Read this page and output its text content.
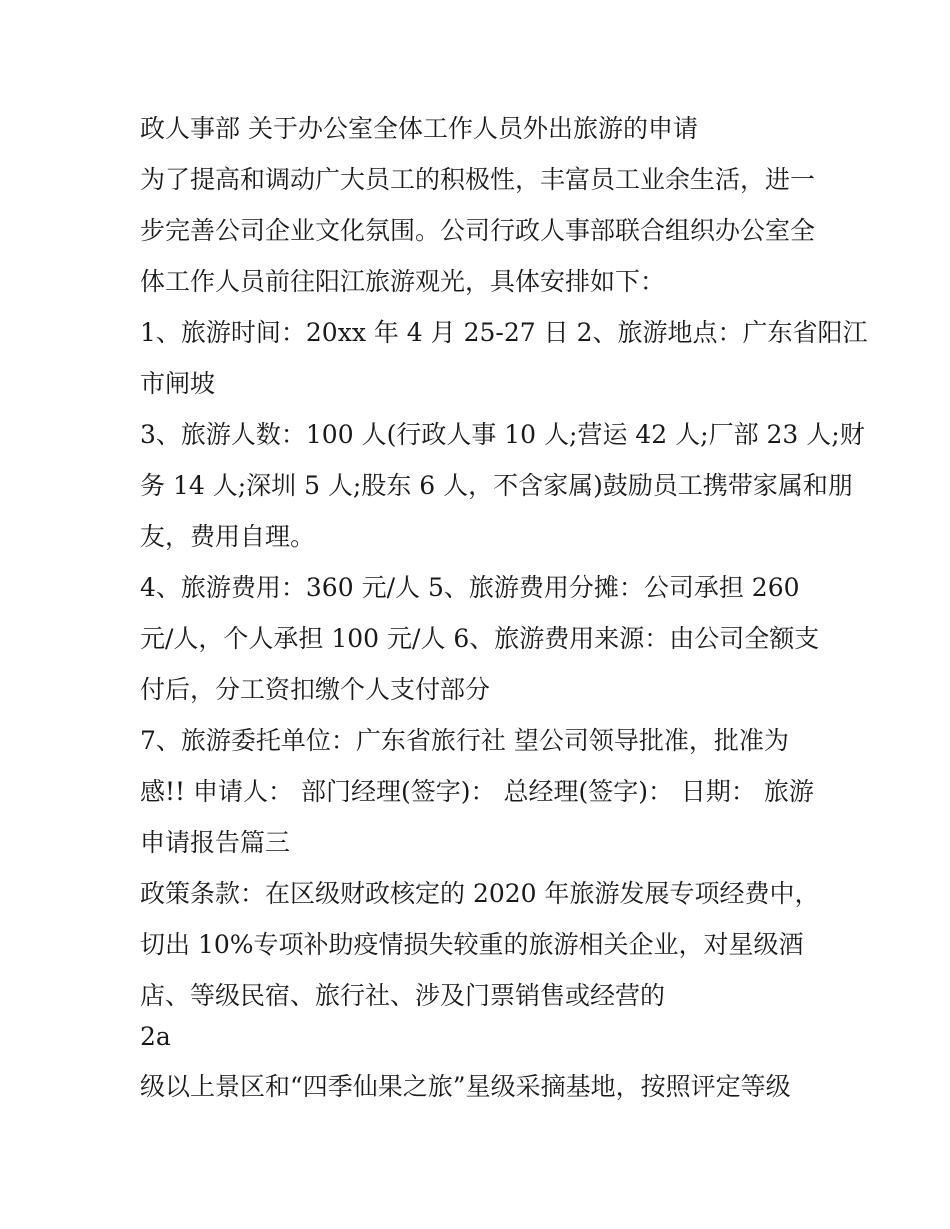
政人事部 关于办公室全体工作人员外出旅游的申请
为了提高和调动广大员工的积极性，丰富员工业余生活，进一
步完善公司企业文化氛围。公司行政人事部联合组织办公室全
体工作人员前往阳江旅游观光，具体安排如下：
1、旅游时间：20xx 年 4 月 25-27 日 2、旅游地点：广东省阳江
市闸坡
3、旅游人数：100 人(行政人事 10 人;营运 42 人;厂部 23 人;财
务 14 人;深圳 5 人;股东 6 人，不含家属)鼓励员工携带家属和朋
友，费用自理。
4、旅游费用：360 元/人 5、旅游费用分摊：公司承担 260
元/人，个人承担 100 元/人 6、旅游费用来源：由公司全额支
付后，分工资扣缴个人支付部分
7、旅游委托单位：广东省旅行社 望公司领导批准，批准为
感!! 申请人： 部门经理(签字)： 总经理(签字)： 日期： 旅游
申请报告篇三
政策条款：在区级财政核定的 2020 年旅游发展专项经费中，
切出 10%专项补助疫情损失较重的旅游相关企业，对星级酒
店、等级民宿、旅行社、涉及门票销售或经营的
2a
级以上景区和“四季仙果之旅”星级采摘基地，按照评定等级
